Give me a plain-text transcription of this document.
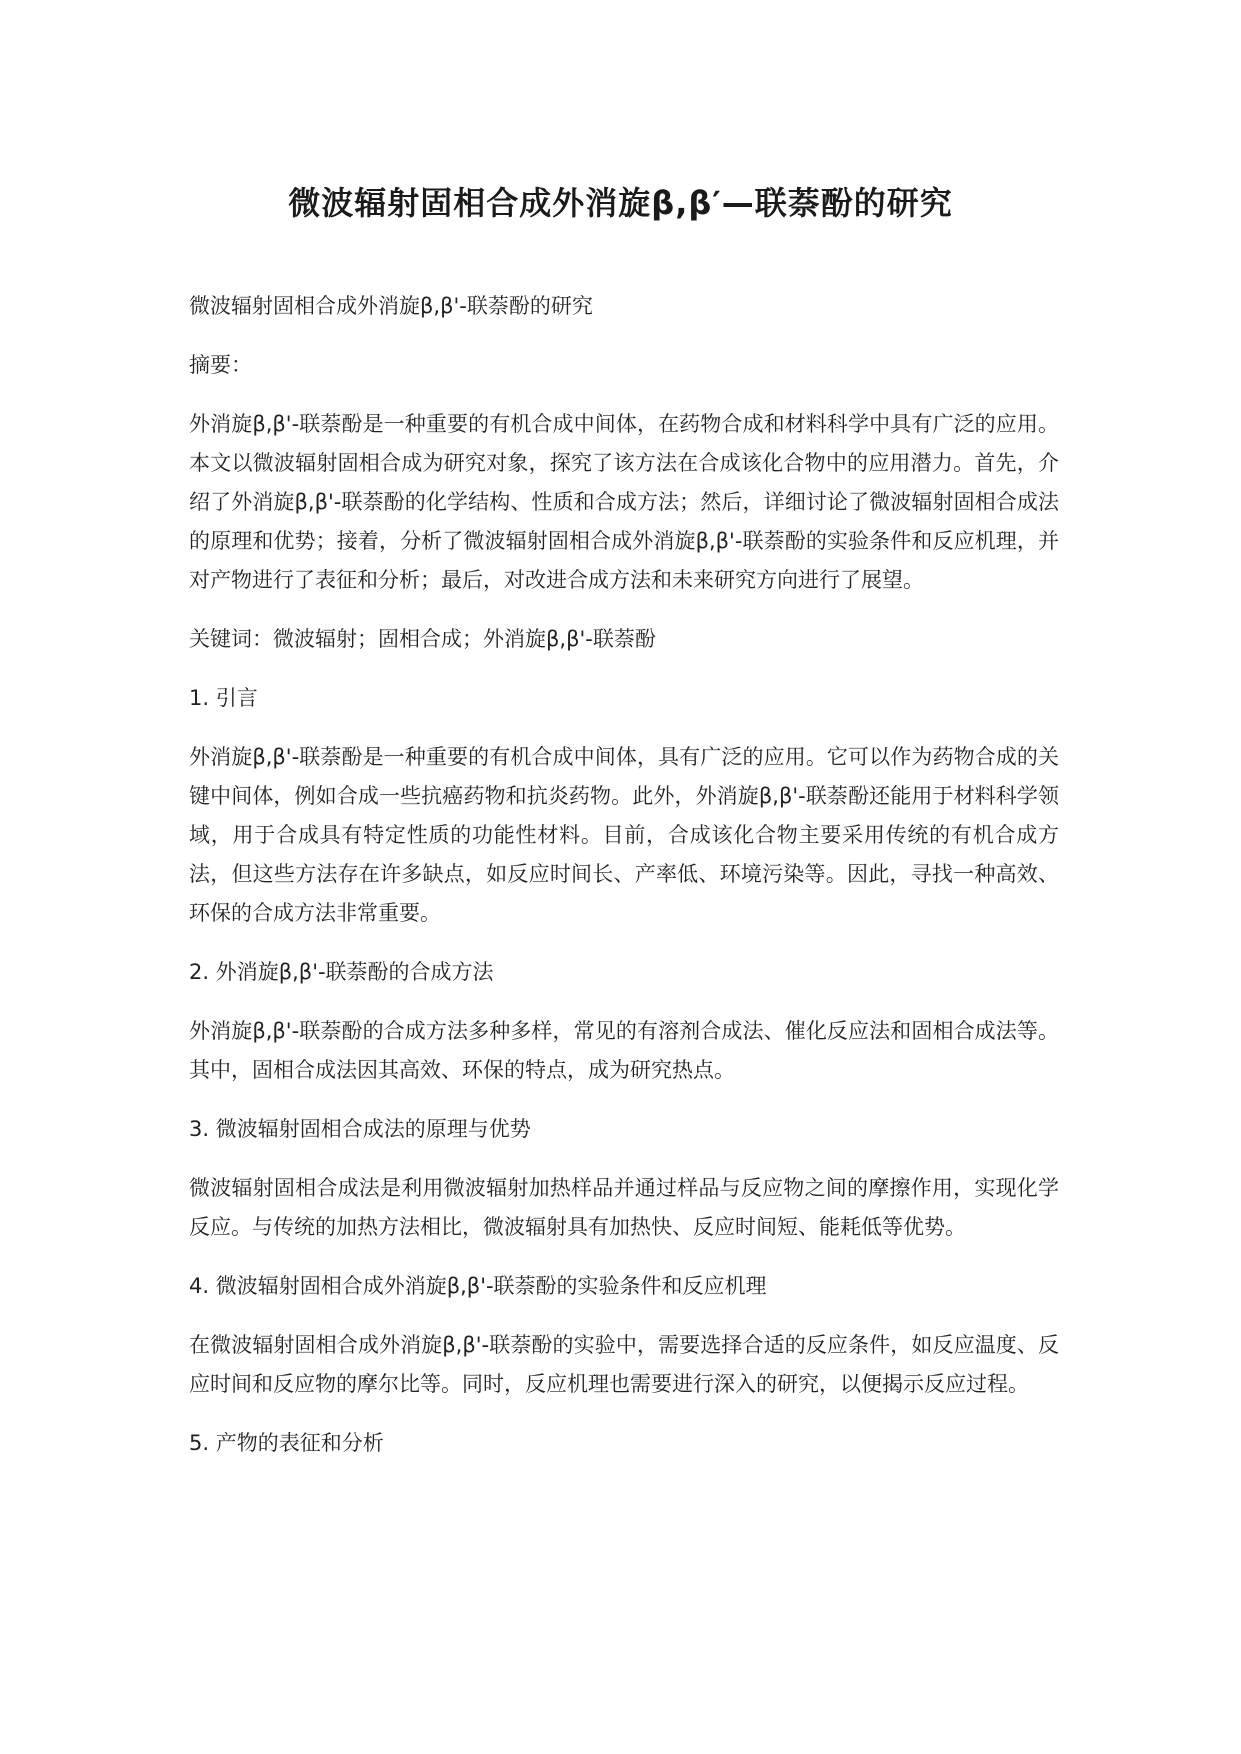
微波辐射固相合成外消旋β,β′—联萘酚的研究

微波辐射固相合成外消旋β,β'-联萘酚的研究

摘要：

外消旋β,β'-联萘酚是一种重要的有机合成中间体，在药物合成和材料科学中具有广泛的应用。本文以微波辐射固相合成为研究对象，探究了该方法在合成该化合物中的应用潜力。首先，介绍了外消旋β,β'-联萘酚的化学结构、性质和合成方法；然后，详细讨论了微波辐射固相合成法的原理和优势；接着，分析了微波辐射固相合成外消旋β,β'-联萘酚的实验条件和反应机理，并对产物进行了表征和分析；最后，对改进合成方法和未来研究方向进行了展望。

关键词：微波辐射；固相合成；外消旋β,β'-联萘酚

1. 引言

外消旋β,β'-联萘酚是一种重要的有机合成中间体，具有广泛的应用。它可以作为药物合成的关键中间体，例如合成一些抗癌药物和抗炎药物。此外，外消旋β,β'-联萘酚还能用于材料科学领域，用于合成具有特定性质的功能性材料。目前，合成该化合物主要采用传统的有机合成方法，但这些方法存在许多缺点，如反应时间长、产率低、环境污染等。因此，寻找一种高效、环保的合成方法非常重要。

2. 外消旋β,β'-联萘酚的合成方法

外消旋β,β'-联萘酚的合成方法多种多样，常见的有溶剂合成法、催化反应法和固相合成法等。其中，固相合成法因其高效、环保的特点，成为研究热点。

3. 微波辐射固相合成法的原理与优势

微波辐射固相合成法是利用微波辐射加热样品并通过样品与反应物之间的摩擦作用，实现化学反应。与传统的加热方法相比，微波辐射具有加热快、反应时间短、能耗低等优势。

4. 微波辐射固相合成外消旋β,β'-联萘酚的实验条件和反应机理

在微波辐射固相合成外消旋β,β'-联萘酚的实验中，需要选择合适的反应条件，如反应温度、反应时间和反应物的摩尔比等。同时，反应机理也需要进行深入的研究，以便揭示反应过程。

5. 产物的表征和分析
